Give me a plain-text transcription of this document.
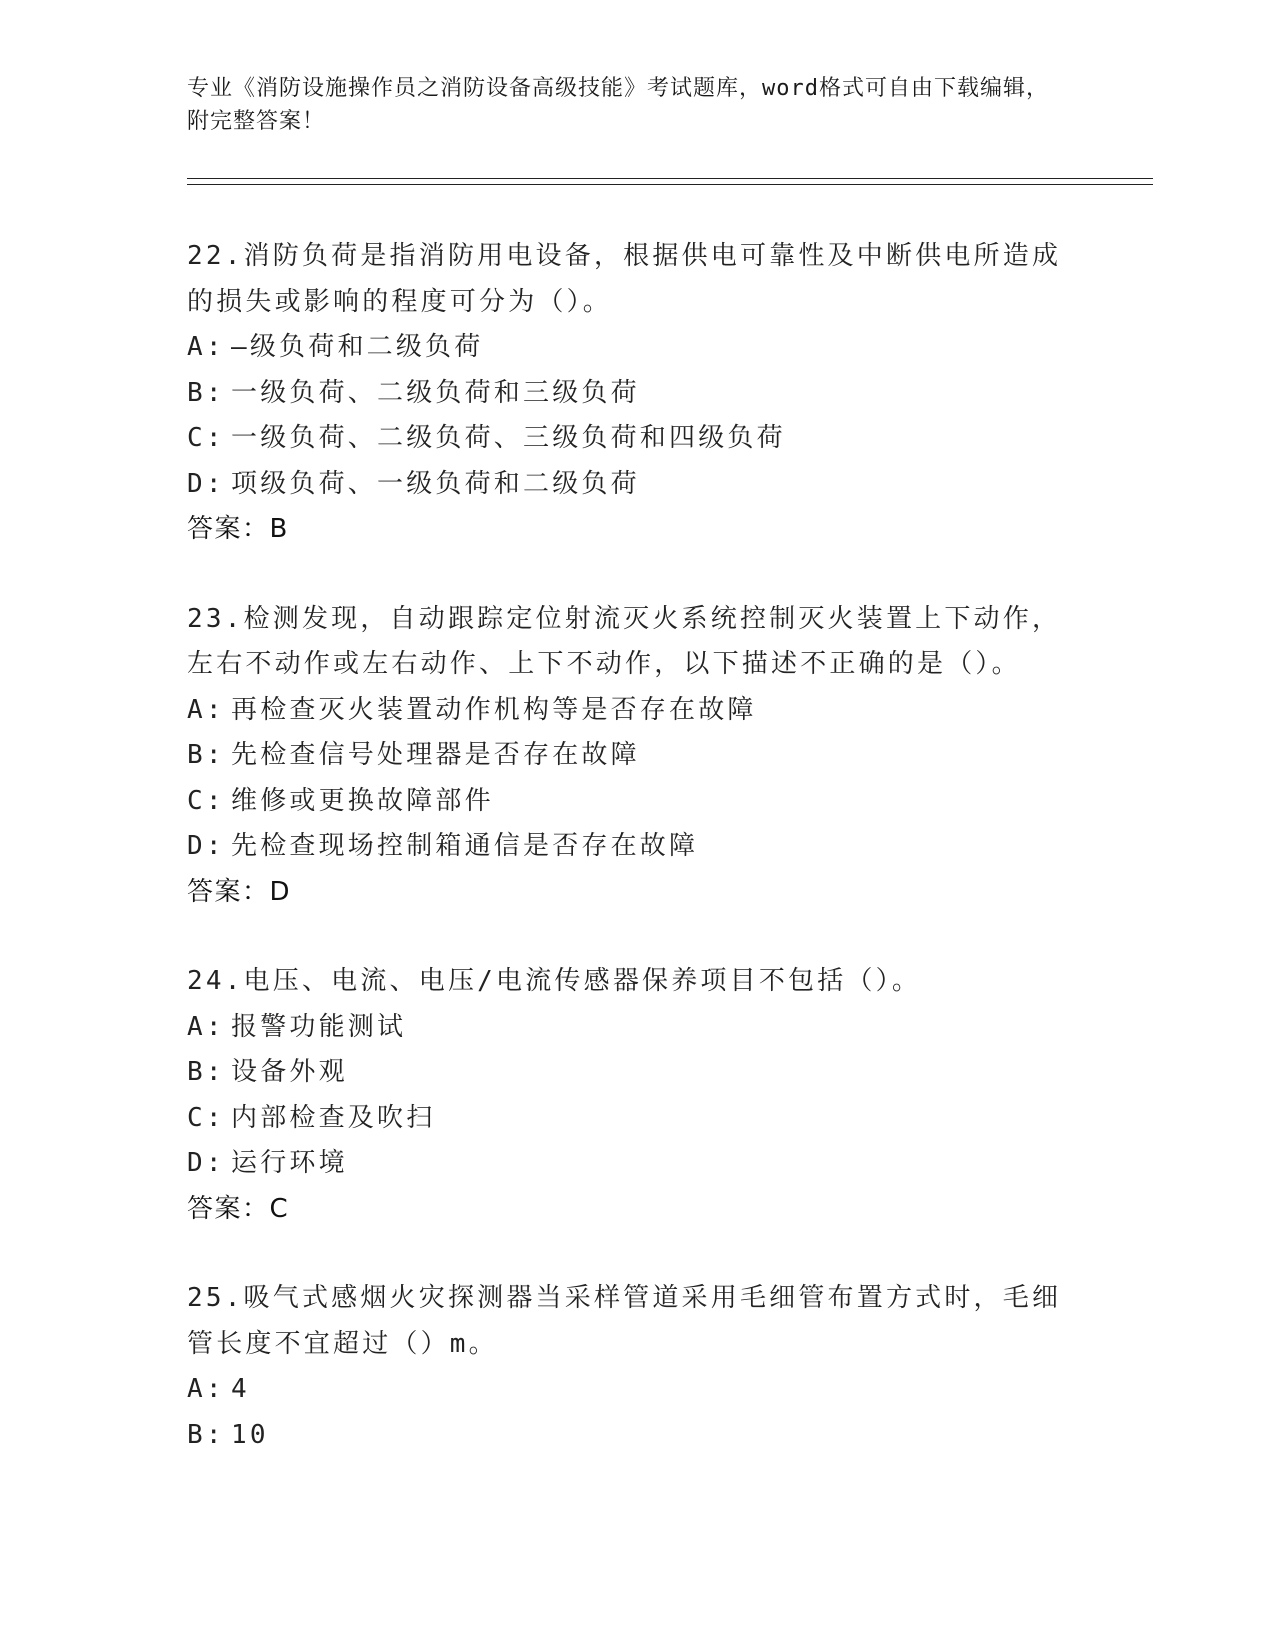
专业《消防设施操作员之消防设备高级技能》考试题库，word格式可自由下载编辑，附完整答案！
22.消防负荷是指消防用电设备，根据供电可靠性及中断供电所造成的损失或影响的程度可分为（）。
A: —级负荷和二级负荷
B: 一级负荷、二级负荷和三级负荷
C: 一级负荷、二级负荷、三级负荷和四级负荷
D: 项级负荷、一级负荷和二级负荷
答案：B
23.检测发现，自动跟踪定位射流灭火系统控制灭火装置上下动作，左右不动作或左右动作、上下不动作，以下描述不正确的是（）。
A: 再检查灭火装置动作机构等是否存在故障
B: 先检查信号处理器是否存在故障
C: 维修或更换故障部件
D: 先检查现场控制箱通信是否存在故障
答案：D
24.电压、电流、电压/电流传感器保养项目不包括（）。
A: 报警功能测试
B: 设备外观
C: 内部检查及吹扫
D: 运行环境
答案：C
25.吸气式感烟火灾探测器当采样管道采用毛细管布置方式时，毛细管长度不宜超过（）m。
A: 4
B: 10
